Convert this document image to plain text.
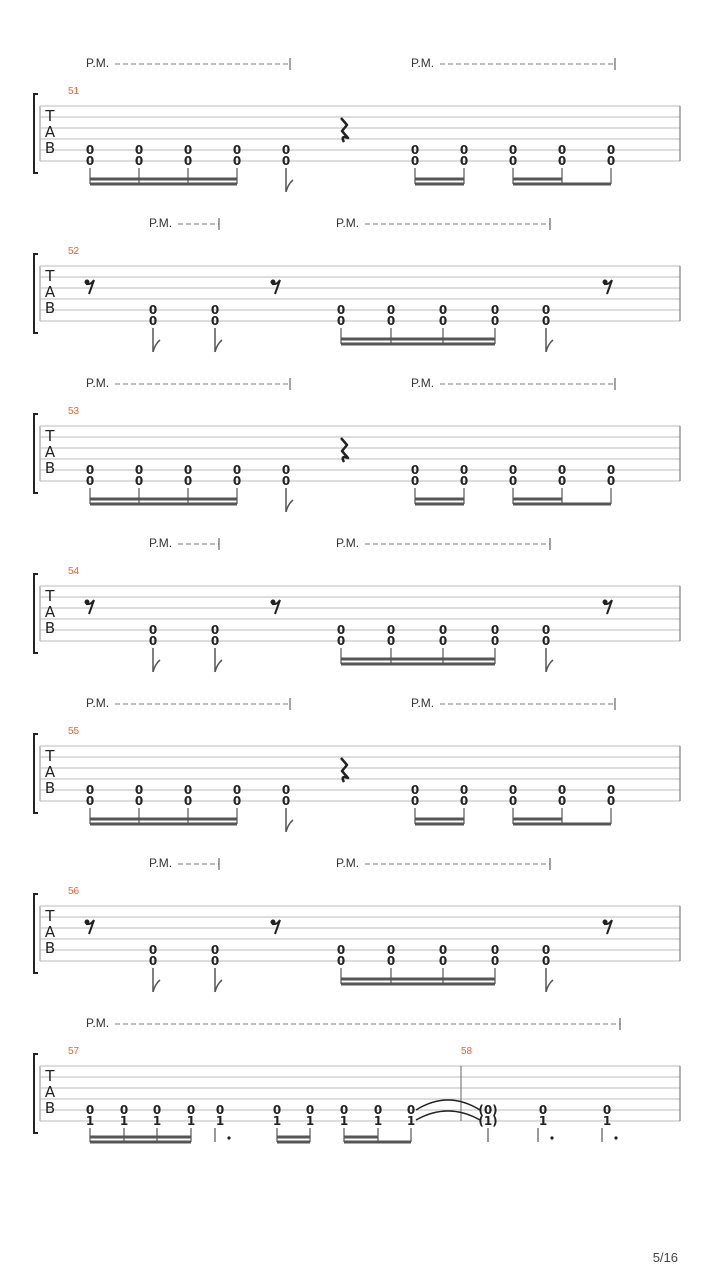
T
A
B
P.M.	P.M.
51
0
0
0
0
0
0
0
0
0
0
0
0
0
0
0
0
0
0
0
0
T
A
B
P.M.	P.M.
52
0
0
0
0
0
0
0
0
0
0
0
0
0
0
T
A
B
P.M.	P.M.
53
0
0
0
0
0
0
0
0
0
0
0
0
0
0
0
0
0
0
0
0
T
A
B
P.M.	P.M.
54
0
0
0
0
0
0
0
0
0
0
0
0
0
0
T
A
B
P.M.	P.M.
55
0
0
0
0
0
0
0
0
0
0
0
0
0
0
0
0
0
0
0
0
T
A
B
P.M.	P.M.
56
0
0
0
0
0
0
0
0
0
0
0
0
0
0
T
A
B
P.M.
57	58
0
1
0
1
0
1
0
1
0
1
0
1
0
1
0
1
0
1
0
1
(0)
(1)
0
1
0
1
5/16
